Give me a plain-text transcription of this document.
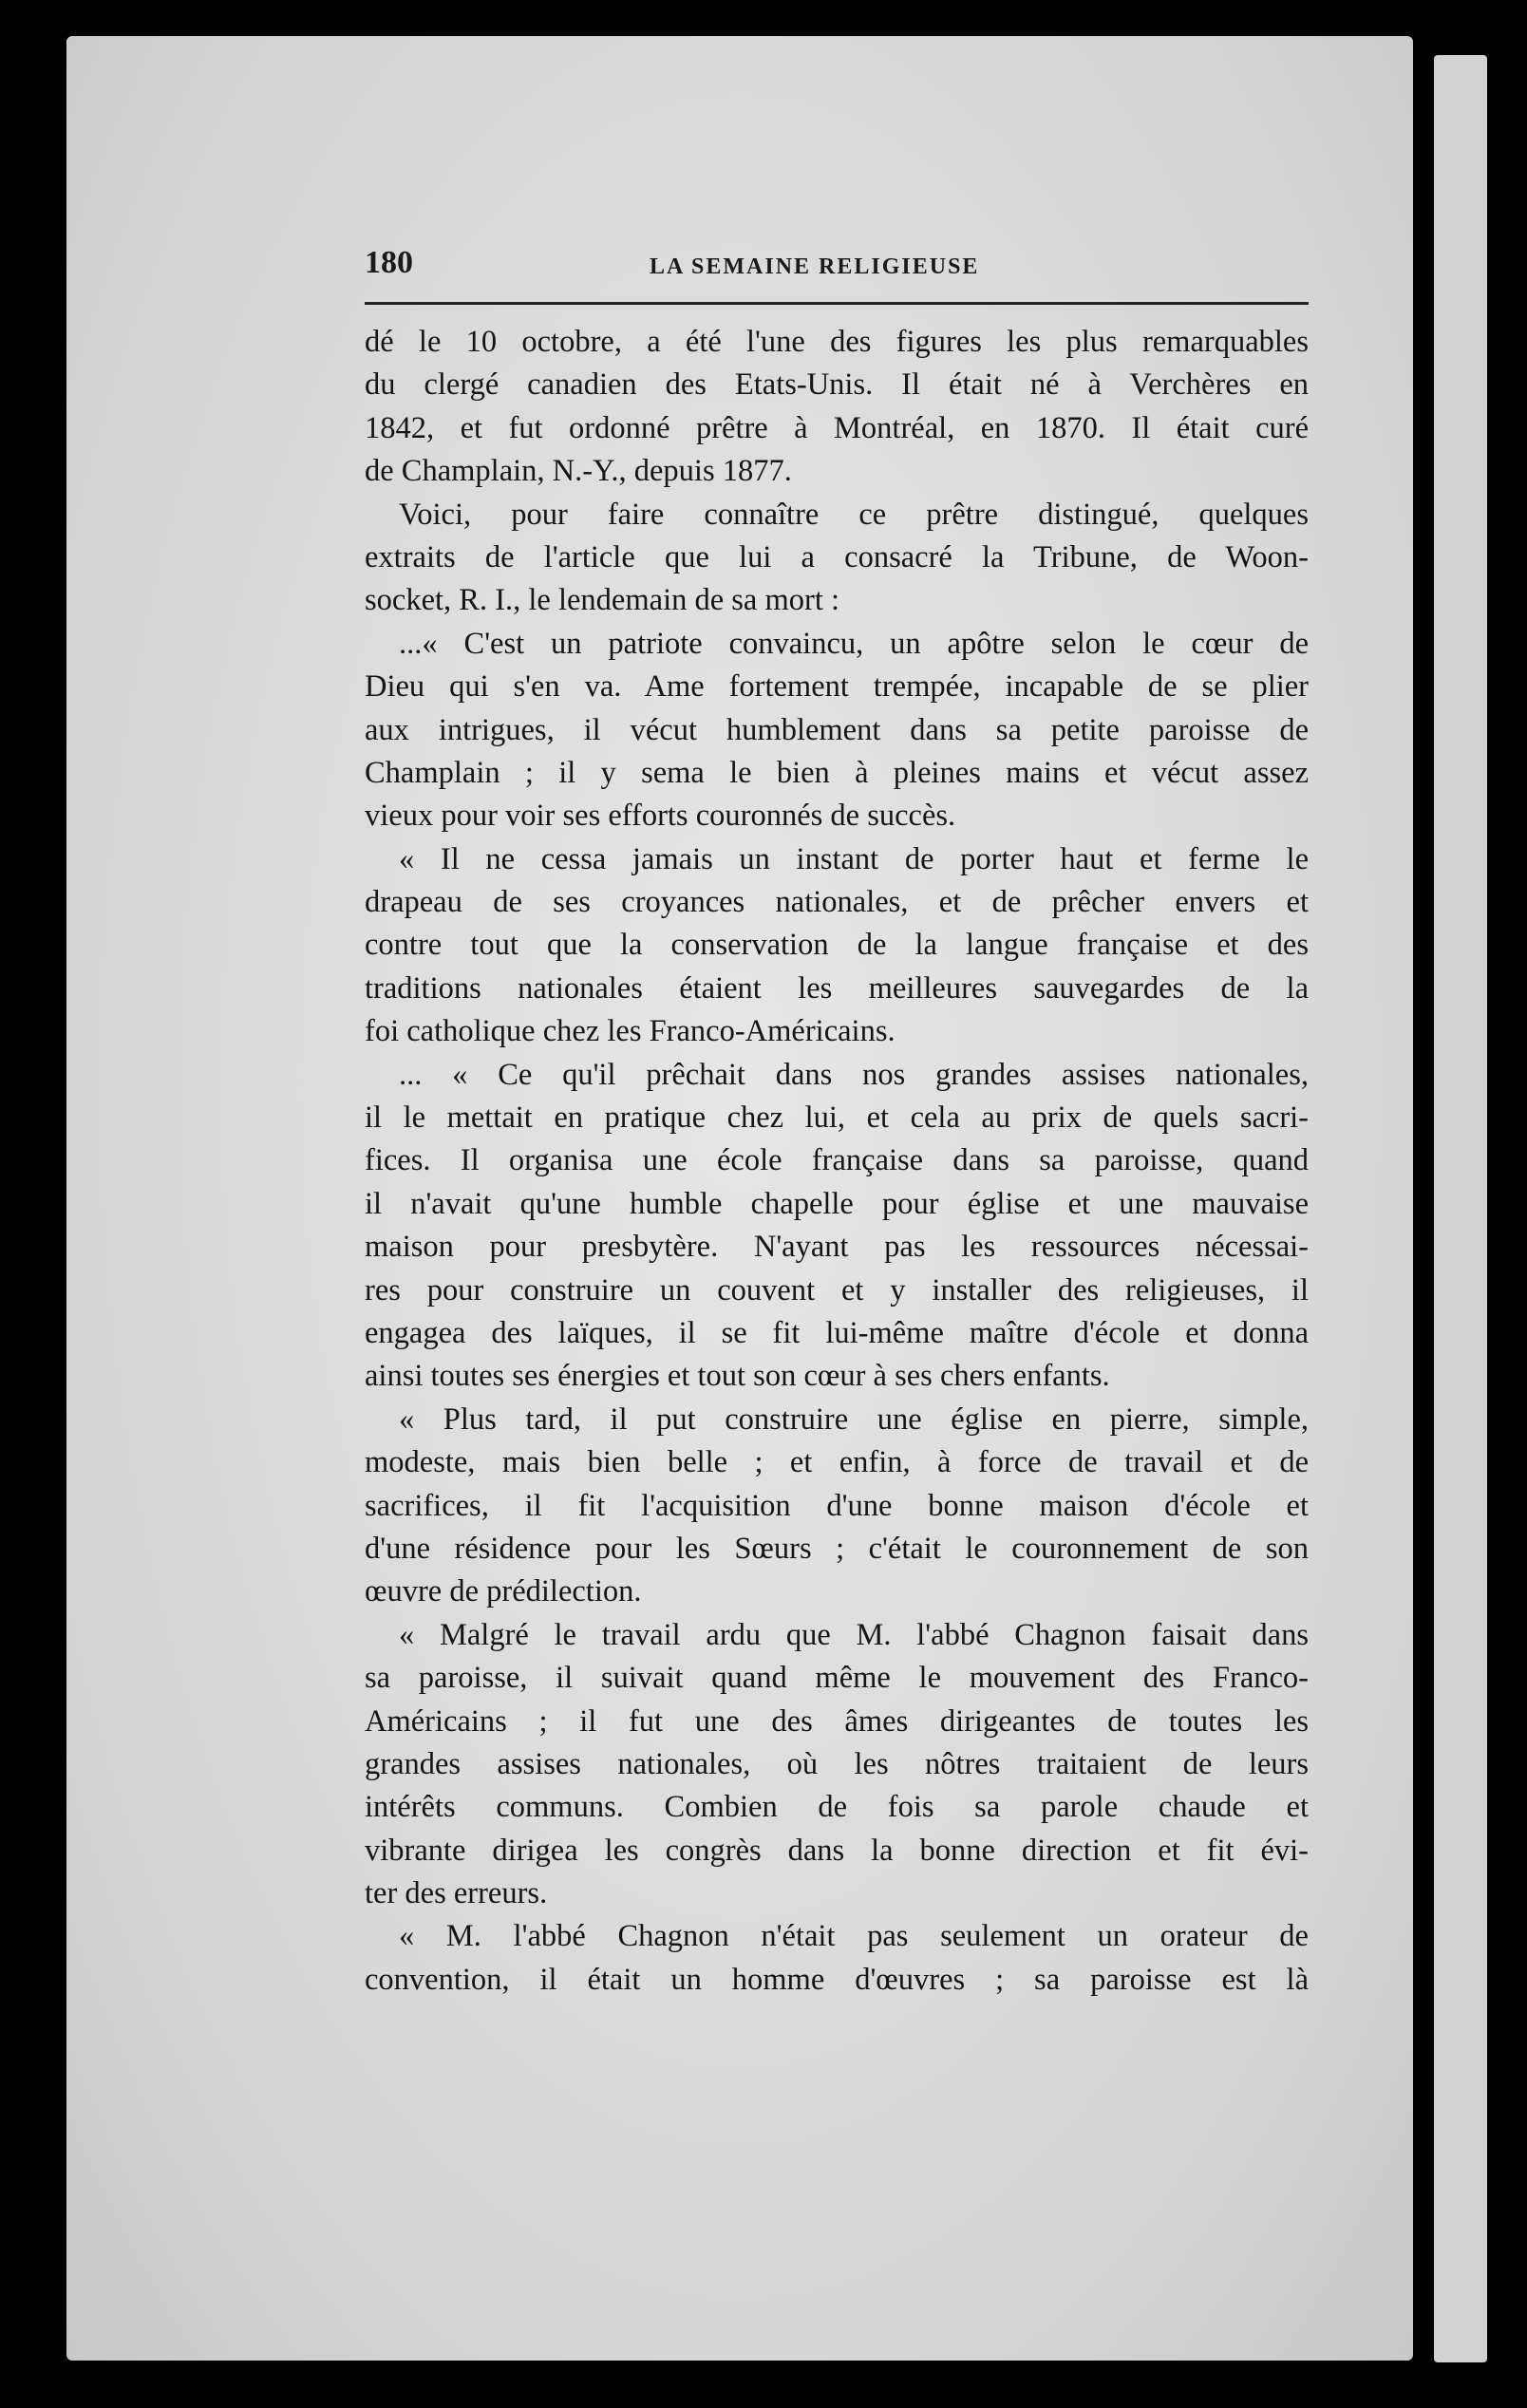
180	LA SEMAINE RELIGIEUSE
dé le 10 octobre, a été l'une des figures les plus remarquables
du clergé canadien des Etats-Unis. Il était né à Verchères en
1842, et fut ordonné prêtre à Montréal, en 1870. Il était curé
de Champlain, N.-Y., depuis 1877.
Voici, pour faire connaître ce prêtre distingué, quelques
extraits de l'article que lui a consacré la Tribune, de Woon-
socket, R. I., le lendemain de sa mort :
...« C'est un patriote convaincu, un apôtre selon le cœur de
Dieu qui s'en va. Ame fortement trempée, incapable de se plier
aux intrigues, il vécut humblement dans sa petite paroisse de
Champlain ; il y sema le bien à pleines mains et vécut assez
vieux pour voir ses efforts couronnés de succès.
« Il ne cessa jamais un instant de porter haut et ferme le
drapeau de ses croyances nationales, et de prêcher envers et
contre tout que la conservation de la langue française et des
traditions nationales étaient les meilleures sauvegardes de la
foi catholique chez les Franco-Américains.
... « Ce qu'il prêchait dans nos grandes assises nationales,
il le mettait en pratique chez lui, et cela au prix de quels sacri-
fices. Il organisa une école française dans sa paroisse, quand
il n'avait qu'une humble chapelle pour église et une mauvaise
maison pour presbytère. N'ayant pas les ressources nécessai-
res pour construire un couvent et y installer des religieuses, il
engagea des laïques, il se fit lui-même maître d'école et donna
ainsi toutes ses énergies et tout son cœur à ses chers enfants.
« Plus tard, il put construire une église en pierre, simple,
modeste, mais bien belle ; et enfin, à force de travail et de
sacrifices, il fit l'acquisition d'une bonne maison d'école et
d'une résidence pour les Sœurs ; c'était le couronnement de son
œuvre de prédilection.
« Malgré le travail ardu que M. l'abbé Chagnon faisait dans
sa paroisse, il suivait quand même le mouvement des Franco-
Américains ; il fut une des âmes dirigeantes de toutes les
grandes assises nationales, où les nôtres traitaient de leurs
intérêts communs. Combien de fois sa parole chaude et
vibrante dirigea les congrès dans la bonne direction et fit évi-
ter des erreurs.
« M. l'abbé Chagnon n'était pas seulement un orateur de
convention, il était un homme d'œuvres ; sa paroisse est là
